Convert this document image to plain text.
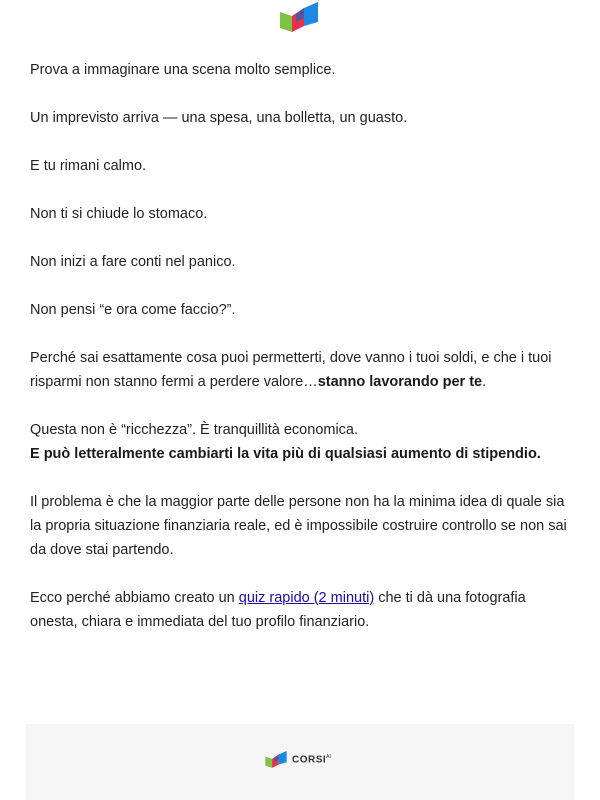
Prova a immaginare una scena molto semplice.

Un imprevisto arriva — una spesa, una bolletta, un guasto.

E tu rimani calmo.

Non ti si chiude lo stomaco.

Non inizi a fare conti nel panico.

Non pensi “e ora come faccio?”.

Perché sai esattamente cosa puoi permetterti, dove vanno i tuoi soldi, e che i tuoi risparmi non stanno fermi a perdere valore…stanno lavorando per te.

Questa non è “ricchezza”. È tranquillità economica.
E può letteralmente cambiarti la vita più di qualsiasi aumento di stipendio.

Il problema è che la maggior parte delle persone non ha la minima idea di quale sia la propria situazione finanziaria reale, ed è impossibile costruire controllo se non sai da dove stai partendo.

Ecco perché abbiamo creato un quiz rapido (2 minuti) che ti dà una fotografia onesta, chiara e immediata del tuo profilo finanziario.

$CORSI^{AI}$
